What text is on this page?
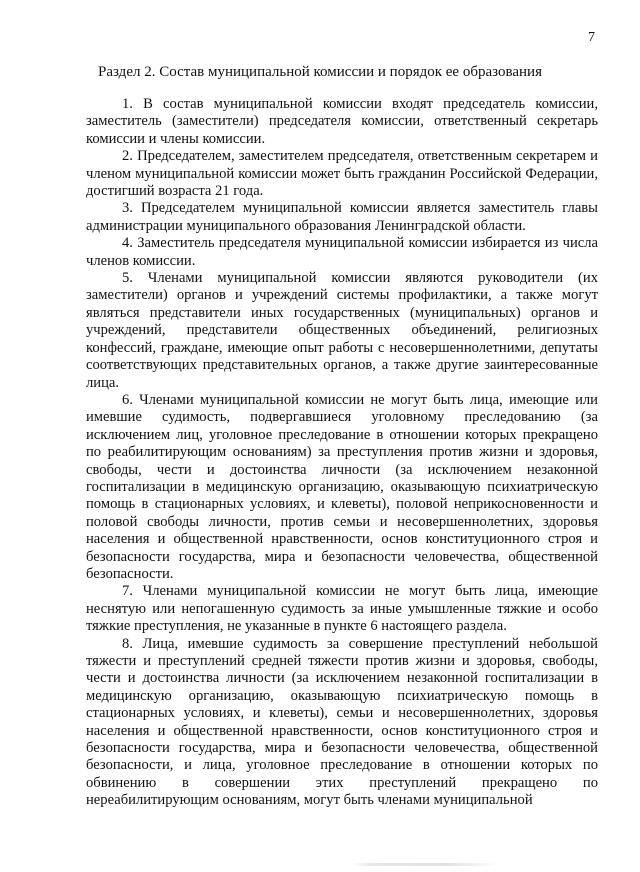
7
Раздел 2. Состав муниципальной комиссии и порядок ее образования

1. В состав муниципальной комиссии входят председатель комиссии, заместитель (заместители) председателя комиссии, ответственный секретарь комиссии и члены комиссии.

2. Председателем, заместителем председателя, ответственным секретарем и членом муниципальной комиссии может быть гражданин Российской Федерации, достигший возраста 21 года.

3. Председателем муниципальной комиссии является заместитель главы администрации муниципального образования Ленинградской области.

4. Заместитель председателя муниципальной комиссии избирается из числа членов комиссии.

5. Членами муниципальной комиссии являются руководители (их заместители) органов и учреждений системы профилактики, а также могут являться представители иных государственных (муниципальных) органов и учреждений, представители общественных объединений, религиозных конфессий, граждане, имеющие опыт работы с несовершеннолетними, депутаты соответствующих представительных органов, а также другие заинтересованные лица.

6. Членами муниципальной комиссии не могут быть лица, имеющие или имевшие судимость, подвергавшиеся уголовному преследованию (за исключением лиц, уголовное преследование в отношении которых прекращено по реабилитирующим основаниям) за преступления против жизни и здоровья, свободы, чести и достоинства личности (за исключением незаконной госпитализации в медицинскую организацию, оказывающую психиатрическую помощь в стационарных условиях, и клеветы), половой неприкосновенности и половой свободы личности, против семьи и несовершеннолетних, здоровья населения и общественной нравственности, основ конституционного строя и безопасности государства, мира и безопасности человечества, общественной безопасности.

7. Членами муниципальной комиссии не могут быть лица, имеющие неснятую или непогашенную судимость за иные умышленные тяжкие и особо тяжкие преступления, не указанные в пункте 6 настоящего раздела.

8. Лица, имевшие судимость за совершение преступлений небольшой тяжести и преступлений средней тяжести против жизни и здоровья, свободы, чести и достоинства личности (за исключением незаконной госпитализации в медицинскую организацию, оказывающую психиатрическую помощь в стационарных условиях, и клеветы), семьи и несовершеннолетних, здоровья населения и общественной нравственности, основ конституционного строя и безопасности государства, мира и безопасности человечества, общественной безопасности, и лица, уголовное преследование в отношении которых по обвинению в совершении этих преступлений прекращено по нереабилитирующим основаниям, могут быть членами муниципальной
